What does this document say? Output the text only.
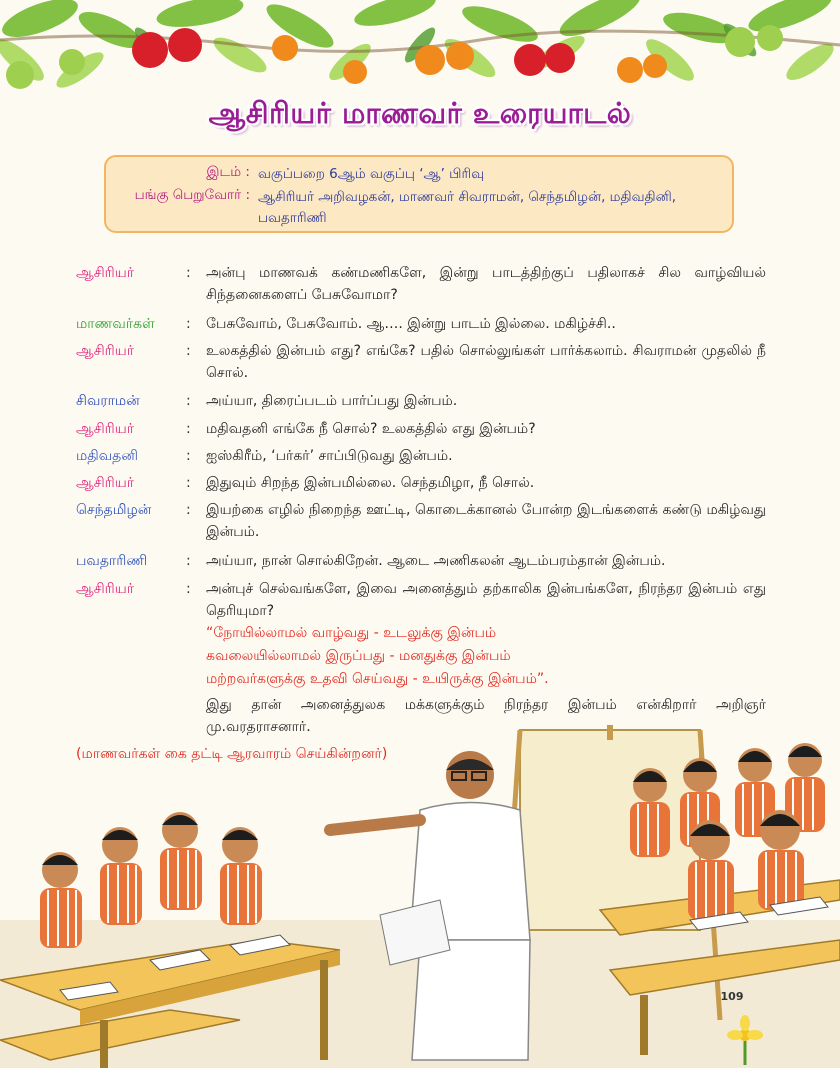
ஆசிரியர் மாணவர் உரையாடல்
இடம் : வகுப்பறை 6ஆம் வகுப்பு ‘ஆ’ பிரிவு
பங்கு பெறுவோர் : ஆசிரியர் அறிவழகன், மாணவர் சிவராமன், செந்தமிழன், மதிவதினி, பவதாரிணி
ஆசிரியர்	: அன்பு மாணவக் கண்மணிகளே, இன்று பாடத்திற்குப் பதிலாகச் சில வாழ்வியல் சிந்தனைகளைப் பேசுவோமா?
மாணவர்கள் : பேசுவோம், பேசுவோம். ஆ…. இன்று பாடம் இல்லை. மகிழ்ச்சி..
ஆசிரியர்	: உலகத்தில் இன்பம் எது? எங்கே? பதில் சொல்லுங்கள் பார்க்கலாம். சிவராமன் முதலில் நீ சொல்.
சிவராமன்	: அய்யா, திரைப்படம் பார்ப்பது இன்பம்.
ஆசிரியர்	: மதிவதனி எங்கே நீ சொல்? உலகத்தில் எது இன்பம்?
மதிவதனி	: ஐஸ்கிரீம், ‘பர்கர்’ சாப்பிடுவது இன்பம்.
ஆசிரியர்	: இதுவும் சிறந்த இன்பமில்லை. செந்தமிழா, நீ சொல்.
செந்தமிழன் : இயற்கை எழில் நிறைந்த ஊட்டி, கொடைக்கானல் போன்ற இடங்களைக் கண்டு மகிழ்வது இன்பம்.
பவதாரிணி	: அய்யா, நான் சொல்கிறேன். ஆடை அணிகலன் ஆடம்பரம்தான் இன்பம்.
ஆசிரியர்	: அன்புச் செல்வங்களே, இவை அனைத்தும் தற்காலிக இன்பங்களே, நிரந்தர இன்பம் எது தெரியுமா?
“நோயில்லாமல் வாழ்வது - உடலுக்கு இன்பம்
கவலையில்லாமல் இருப்பது - மனதுக்கு இன்பம்
மற்றவர்களுக்கு உதவி செய்வது - உயிருக்கு இன்பம்”.
இது தான் அனைத்துலக மக்களுக்கும் நிரந்தர இன்பம் என்கிறார் அறிஞர் மு.வரதராசனார்.
(மாணவர்கள் கை தட்டி ஆரவாரம் செய்கின்றனர்)
109
